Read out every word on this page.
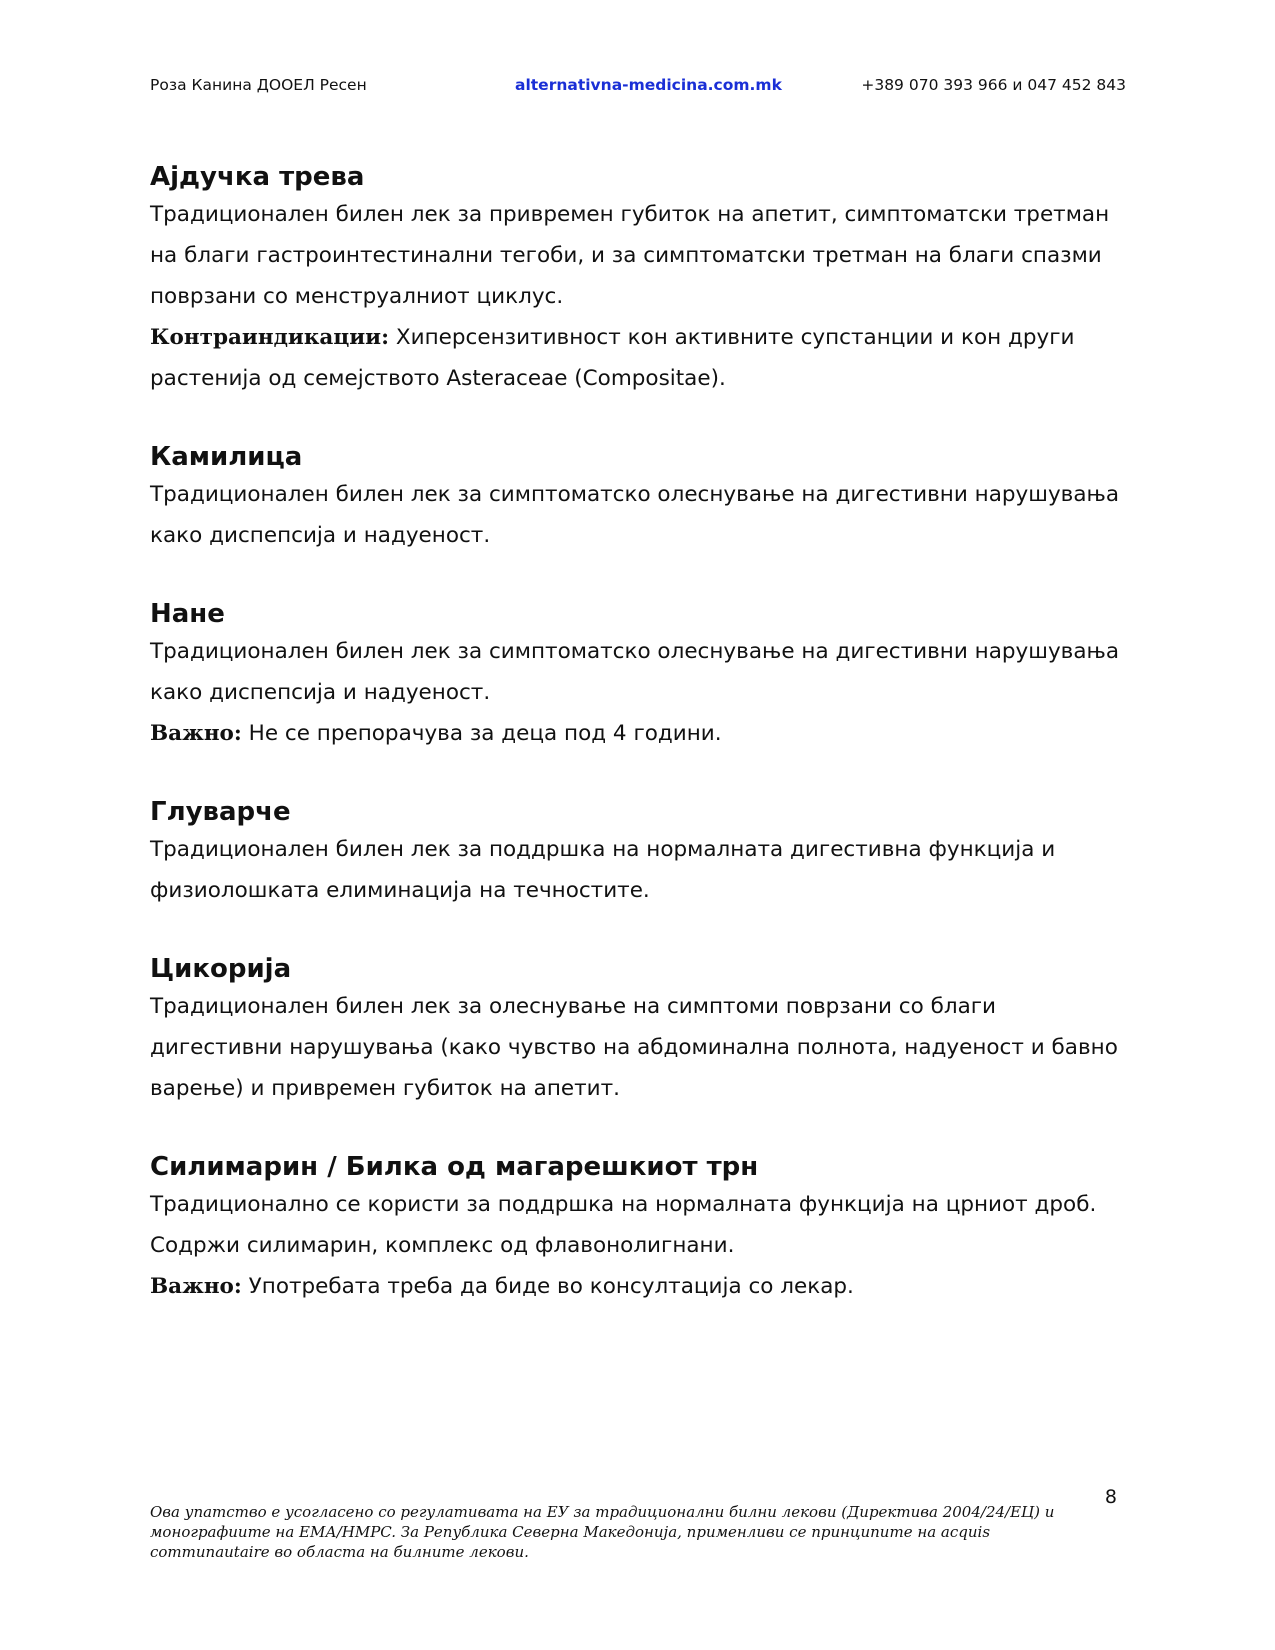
Роза Канина ДООЕЛ Ресен	alternativna-medicina.com.mk	+389 070 393 966 и 047 452 843
Ајдучка трева

Традиционален билен лек за привремен губиток на апетит, симптоматски третман на благи гастроинтестинални тегоби, и за симптоматски третман на благи спазми поврзани со менструалниот циклус.

Контраиндикации: Хиперсензитивност кон активните супстанции и кон други растенија од семејството Asteraceae (Compositae).

Камилица

Традиционален билен лек за симптоматско олеснување на дигестивни нарушувања како диспепсија и надуеност.

Нане

Традиционален билен лек за симптоматско олеснување на дигестивни нарушувања како диспепсија и надуеност.

Важно: Не се препорачува за деца под 4 години.

Глуварче

Традиционален билен лек за поддршка на нормалната дигестивна функција и физиолошката елиминација на течностите.

Цикорија

Традиционален билен лек за олеснување на симптоми поврзани со благи дигестивни нарушувања (како чувство на абдоминална полнота, надуеност и бавно варење) и привремен губиток на апетит.

Силимарин / Билка од магарешкиот трн

Традиционално се користи за поддршка на нормалната функција на црниот дроб. Содржи силимарин, комплекс од флавонолигнани.

Важно: Употребата треба да биде во консултација со лекар.

8
Ова упатство е усогласено со регулативата на ЕУ за традиционални билни лекови (Директива 2004/24/ЕЦ) и монографиите на ЕМА/HMPC. За Република Северна Македонија, применливи се принципите на acquis communautaire во областа на билните лекови.
